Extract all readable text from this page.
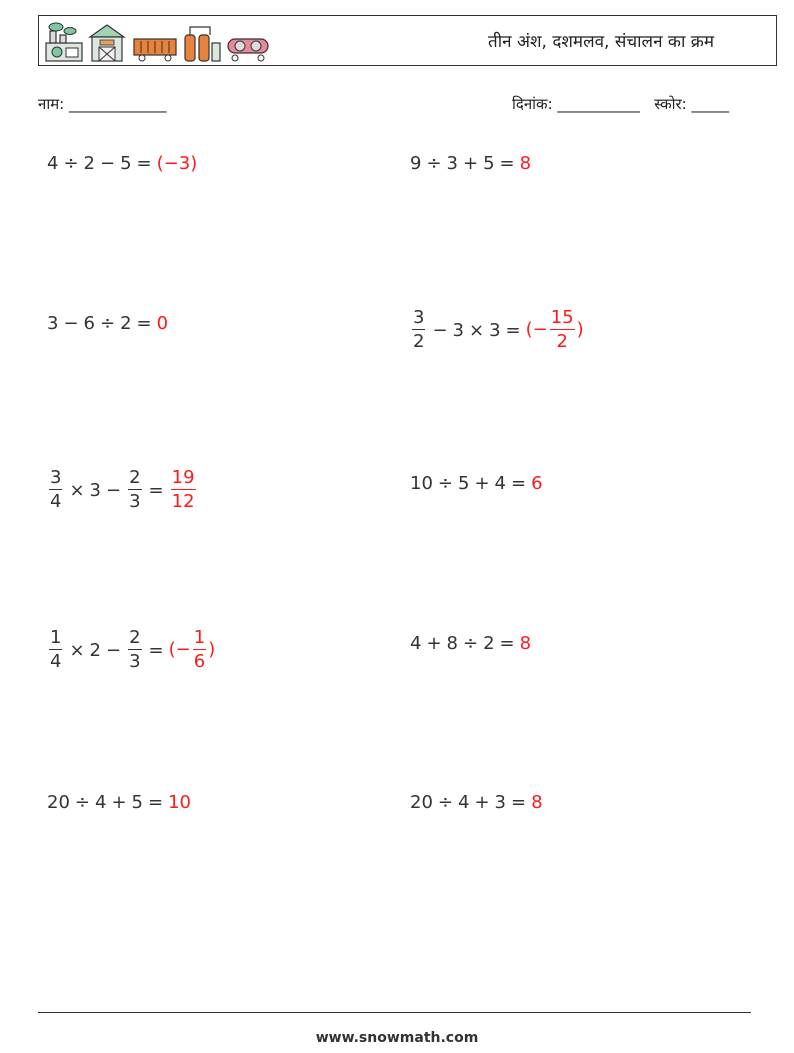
तीन अंश, दशमलव, संचालन का क्रम
नाम: _____________	दिनांक: ___________ स्कोर: _____
4 ÷ 2 − 5 = (−3)	9 ÷ 3 + 5 = 8
3 − 6 ÷ 2 = 0	$\frac{3}{2} - 3 \times 3$ = (− $\frac{15}{2}$ )
$\frac{3}{4} \times 3 - \frac{2}{3} = \frac{19}{12}$	10 ÷ 5 + 4 = 6
$\frac{1}{4} \times 2 - \frac{2}{3}$ = (− $\frac{1}{6}$ )	4 + 8 ÷ 2 = 8
20 ÷ 4 + 5 = 10	20 ÷ 4 + 3 = 8
www.snowmath.com
